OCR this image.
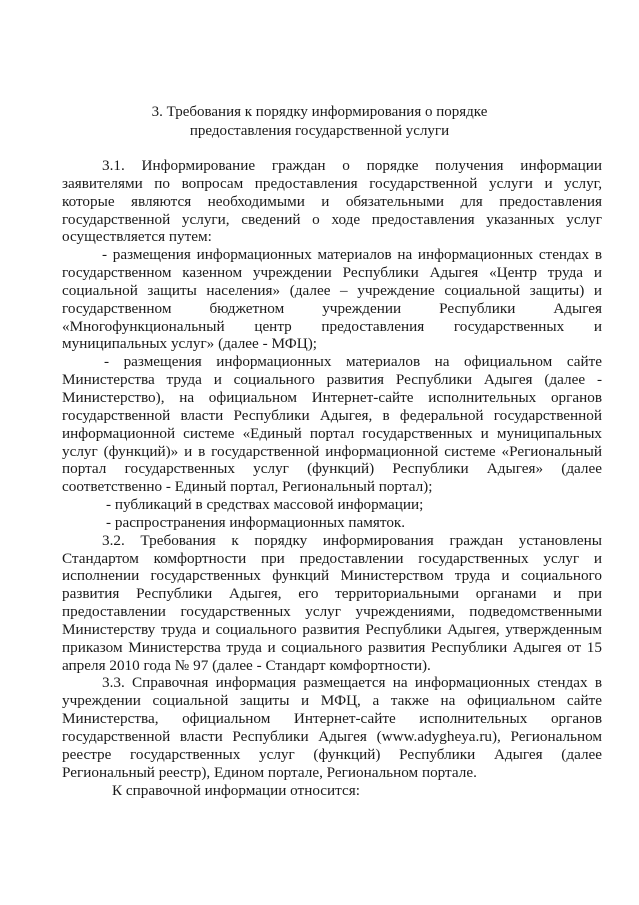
3. Требования к порядку информирования о порядке
предоставления государственной услуги
3.1. Информирование граждан о порядке получения информации
заявителями по вопросам предоставления государственной услуги и услуг,
которые являются необходимыми и обязательными для предоставления
государственной услуги, сведений о ходе предоставления указанных услуг
осуществляется путем:
- размещения информационных материалов на информационных стендах в
государственном казенном учреждении Республики Адыгея «Центр труда и
социальной защиты населения» (далее – учреждение социальной защиты) и
государственном бюджетном учреждении Республики Адыгея
«Многофункциональный центр предоставления государственных и
муниципальных услуг» (далее - МФЦ);
- размещения информационных материалов на официальном сайте
Министерства труда и социального развития Республики Адыгея (далее -
Министерство), на официальном Интернет-сайте исполнительных органов
государственной власти Республики Адыгея, в федеральной государственной
информационной системе «Единый портал государственных и муниципальных
услуг (функций)» и в государственной информационной системе «Региональный
портал государственных услуг (функций) Республики Адыгея» (далее
соответственно - Единый портал, Региональный портал);
- публикаций в средствах массовой информации;
- распространения информационных памяток.
3.2. Требования к порядку информирования граждан установлены
Стандартом комфортности при предоставлении государственных услуг и
исполнении государственных функций Министерством труда и социального
развития Республики Адыгея, его территориальными органами и при
предоставлении государственных услуг учреждениями, подведомственными
Министерству труда и социального развития Республики Адыгея, утвержденным
приказом Министерства труда и социального развития Республики Адыгея от 15
апреля 2010 года № 97 (далее - Стандарт комфортности).
3.3. Справочная информация размещается на информационных стендах в
учреждении социальной защиты и МФЦ, а также на официальном сайте
Министерства, официальном Интернет-сайте исполнительных органов
государственной власти Республики Адыгея (www.adygheya.ru), Региональном
реестре государственных услуг (функций) Республики Адыгея (далее
Региональный реестр), Едином портале, Региональном портале.
К справочной информации относится:
